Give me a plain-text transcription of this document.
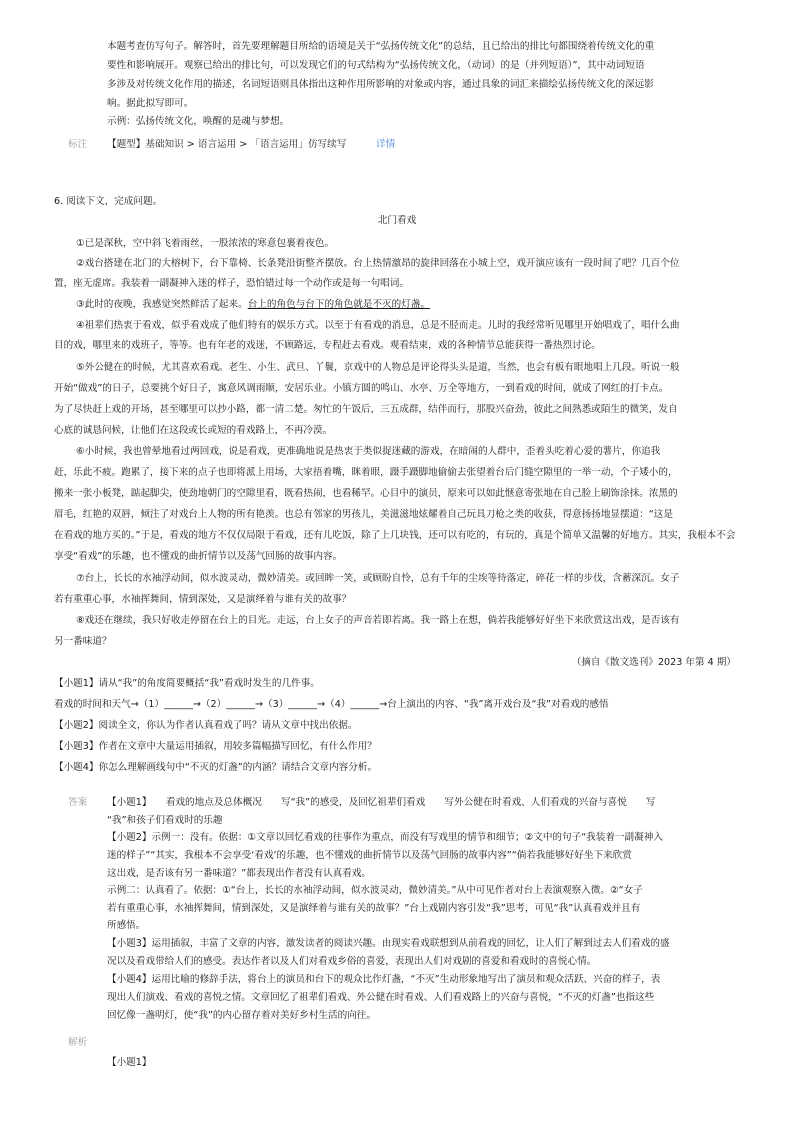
本题考查仿写句子。解答时，首先要理解题目所给的语境是关于“弘扬传统文化”的总结，且已给出的排比句都围绕着传统文化的重
要性和影响展开。观察已给出的排比句，可以发现它们的句式结构为“弘扬传统文化，（动词）的是（并列短语）”，其中动词短语
多涉及对传统文化作用的描述，名词短语则具体指出这种作用所影响的对象或内容，通过具象的词汇来描绘弘扬传统文化的深远影
响。据此拟写即可。
示例：弘扬传统文化，唤醒的是魂与梦想。
标注 【题型】基础知识 > 语言运用 > 「语言运用」仿写续写	详情
6. 阅读下文，完成问题。
北门看戏
①已是深秋，空中斜飞着雨丝，一股浓浓的寒意包裹着夜色。
②戏台搭建在北门的大榕树下，台下靠椅、长条凳沿街整齐摆放。台上热情激昂的旋律回落在小城上空，戏开演应该有一段时间了吧？几百个位
置，座无虚席。我装着一副凝神入迷的样子，恐怕错过每一个动作或是每一句唱词。
③此时的夜晚，我感觉突然鲜活了起来。台上的角色与台下的角色就是不灭的灯盏。
④祖辈们热衷于看戏，似乎看戏成了他们特有的娱乐方式。以至于有看戏的消息，总是不胫而走。儿时的我经常听见哪里开始唱戏了，唱什么曲
目的戏，哪里来的戏班子，等等。也有年老的戏迷，不顾路远，专程赶去看戏。观看结束，戏的各种情节总能获得一番热烈讨论。
⑤外公健在的时候，尤其喜欢看戏。老生、小生、武旦、丫鬟，京戏中的人物总是评论得头头是道，当然，也会有板有眼地唱上几段。听说一般
开始“做戏”的日子，总要挑个好日子，寓意风调雨顺，安居乐业。小镇方圆的鸣山、水亭、万全等地方，一到看戏的时间，就成了网红的打卡点。
为了尽快赶上戏的开场，甚至哪里可以抄小路，都一清二楚。匆忙的午饭后，三五成群，结伴而行，那股兴奋劲，彼此之间熟悉或陌生的微笑，发自
心底的诚恳问候，让他们在这段或长或短的看戏路上，不再冷漠。
⑥小时候，我也曾晕地看过两回戏，说是看戏，更准确地说是热衷于类似捉迷藏的游戏，在暗闹的人群中，歪着头吃着心爱的薯片，你追我
赶，乐此不疲。跑累了，接下来的点子也即将派上用场，大家捂着嘴，眯着眼，蹑手蹑脚地偷偷去张望着台后门缝空隙里的一举一动，个子矮小的，
搬来一张小板凳，踮起脚尖，使劲地朝门的空隙里看，既看热闹，也看稀罕。心目中的演员，原来可以如此惬意寄张地在自己脸上刷饰涂抹。浓黑的
眉毛，红艳的双唇，倾注了对戏台上人物的所有艳羡。也总有邻家的男孩儿，美滋滋地炫耀着自己玩具刀枪之类的收获，得意扬扬地显摆道：“这是
在看戏的地方买的。”于是，看戏的地方不仅仅局限于看戏，还有儿吃饭，除了上几块钱，还可以有吃的，有玩的，真是个简单又温馨的好地方。其实，我根本不会
享受“看戏”的乐趣，也不懂戏的曲折情节以及荡气回肠的故事内容。
⑦台上，长长的水袖浮动间，似水波灵动，微妙清美。或回眸一笑，或顾盼自怜，总有千年的尘埃等待落定，碎花一样的步伐，含蓄深沉。女子
若有重重心事，水袖挥舞间，情到深处，又是演绎着与谁有关的故事？
⑧戏还在继续，我只好收走停留在台上的目光。走远，台上女子的声音若即若离。我一路上在想，倘若我能够好好坐下来欣赏这出戏，是否该有
另一番味道？
（摘自《散文选刊》2023 年第 4 期）
【小题1】请从“我”的角度简要概括“我”看戏时发生的几件事。
看戏的时间和天气→（1）______→（2）______→（3）______→（4）______→台上演出的内容、“我”离开戏台及“我”对看戏的感悟
【小题2】阅读全文，你认为作者认真看戏了吗？请从文章中找出依据。
【小题3】作者在文章中大量运用插叙，用较多篇幅描写回忆，有什么作用？
【小题4】你怎么理解画线句中“不灭的灯盏”的内涵？请结合文章内容分析。
答案 【小题1】　　看戏的地点及总体概况　　写“我”的感受，及回忆祖辈们看戏　　写外公健在时看戏、人们看戏的兴奋与喜悦　　写
“我”和孩子们看戏时的乐趣
【小题2】示例一：没有。依据：①文章以回忆看戏的往事作为重点，而没有写戏里的情节和细节；②文中的句子“我装着一副凝神入
迷的样子”“其实，我根本不会享受‘看戏’的乐趣，也不懂戏的曲折情节以及荡气回肠的故事内容”“倘若我能够好好坐下来欣赏
这出戏，是否该有另一番味道？”都表现出作者没有认真看戏。
示例二：认真看了。依据：①“台上，长长的水袖浮动间，似水波灵动，微妙清美。”从中可见作者对台上表演观察入微。②“女子
若有重重心事，水袖挥舞间，情到深处，又是演绎着与谁有关的故事？”台上戏剧内容引发“我”思考，可见“我”认真看戏并且有
所感悟。
【小题3】运用插叙，丰富了文章的内容，激发读者的阅读兴趣。由现实看戏联想到从前看戏的回忆，让人们了解到过去人们看戏的盛
况以及看戏带给人们的感受。表达作者以及人们对看戏乡俗的喜爱，表现出人们对戏剧的喜爱和看戏时的喜悦心情。
【小题4】运用比喻的修辞手法，将台上的演员和台下的观众比作灯盏，“不灭”生动形象地写出了演员和观众活跃、兴奋的样子，表
现出人们演戏、看戏的喜悦之情。文章回忆了祖辈们看戏、外公健在时看戏、人们看戏路上的兴奋与喜悦，“不灭的灯盏”也指这些
回忆像一盏明灯，使“我”的内心留存着对美好乡村生活的向往。
解析
【小题1】
